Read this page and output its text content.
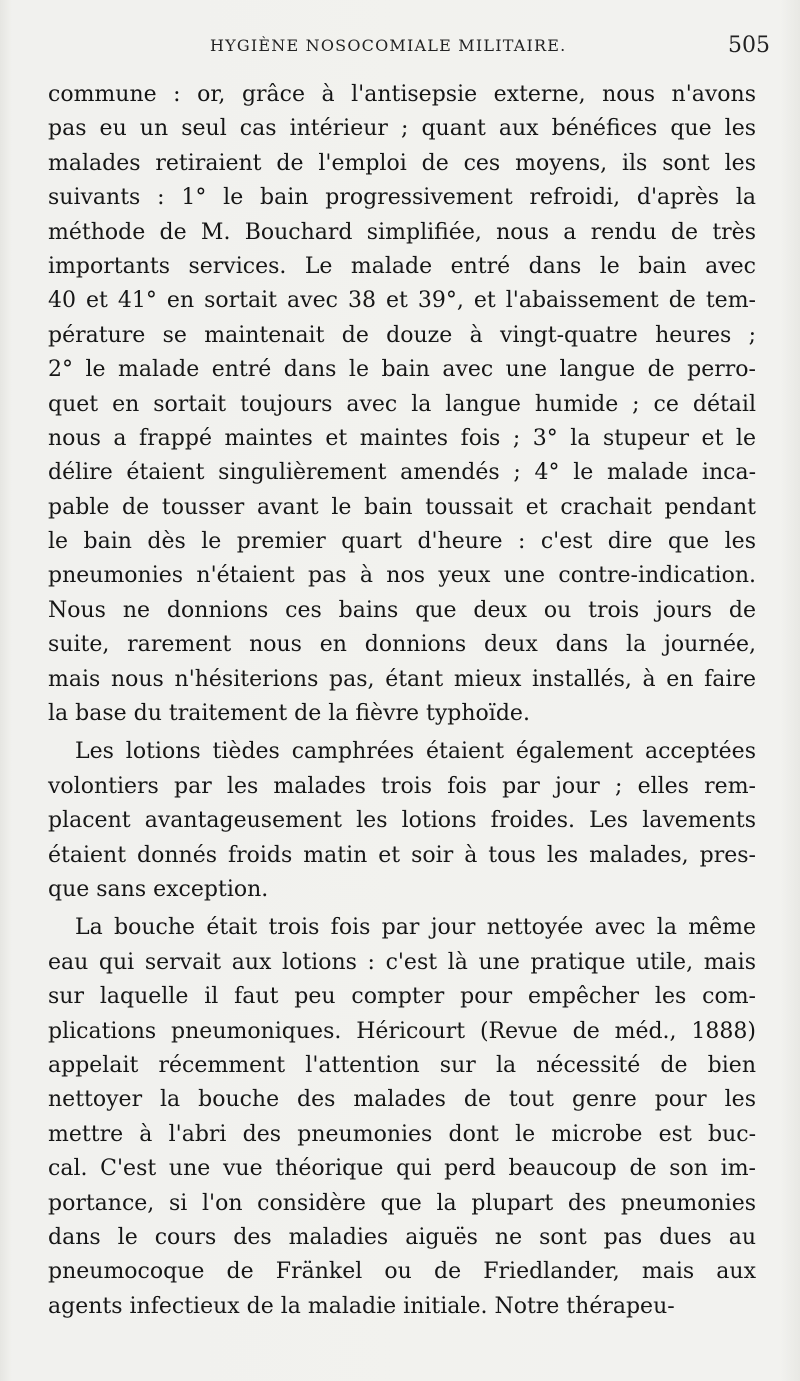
HYGIÈNE NOSOCOMIALE MILITAIRE.	505
commune : or, grâce à l'antisepsie externe, nous n'avons
pas eu un seul cas intérieur ; quant aux bénéfices que les
malades retiraient de l'emploi de ces moyens, ils sont les
suivants : 1° le bain progressivement refroidi, d'après la
méthode de M. Bouchard simplifiée, nous a rendu de très
importants services. Le malade entré dans le bain avec
40 et 41° en sortait avec 38 et 39°, et l'abaissement de tem-
pérature se maintenait de douze à vingt-quatre heures ;
2° le malade entré dans le bain avec une langue de perro-
quet en sortait toujours avec la langue humide ; ce détail
nous a frappé maintes et maintes fois ; 3° la stupeur et le
délire étaient singulièrement amendés ; 4° le malade inca-
pable de tousser avant le bain toussait et crachait pendant
le bain dès le premier quart d'heure : c'est dire que les
pneumonies n'étaient pas à nos yeux une contre-indication.
Nous ne donnions ces bains que deux ou trois jours de
suite, rarement nous en donnions deux dans la journée,
mais nous n'hésiterions pas, étant mieux installés, à en faire
la base du traitement de la fièvre typhoïde.
Les lotions tièdes camphrées étaient également acceptées
volontiers par les malades trois fois par jour ; elles rem-
placent avantageusement les lotions froides. Les lavements
étaient donnés froids matin et soir à tous les malades, pres-
que sans exception.
La bouche était trois fois par jour nettoyée avec la même
eau qui servait aux lotions : c'est là une pratique utile, mais
sur laquelle il faut peu compter pour empêcher les com-
plications pneumoniques. Héricourt (Revue de méd., 1888)
appelait récemment l'attention sur la nécessité de bien
nettoyer la bouche des malades de tout genre pour les
mettre à l'abri des pneumonies dont le microbe est buc-
cal. C'est une vue théorique qui perd beaucoup de son im-
portance, si l'on considère que la plupart des pneumonies
dans le cours des maladies aiguës ne sont pas dues au
pneumocoque de Fränkel ou de Friedlander, mais aux
agents infectieux de la maladie initiale. Notre thérapeu-
